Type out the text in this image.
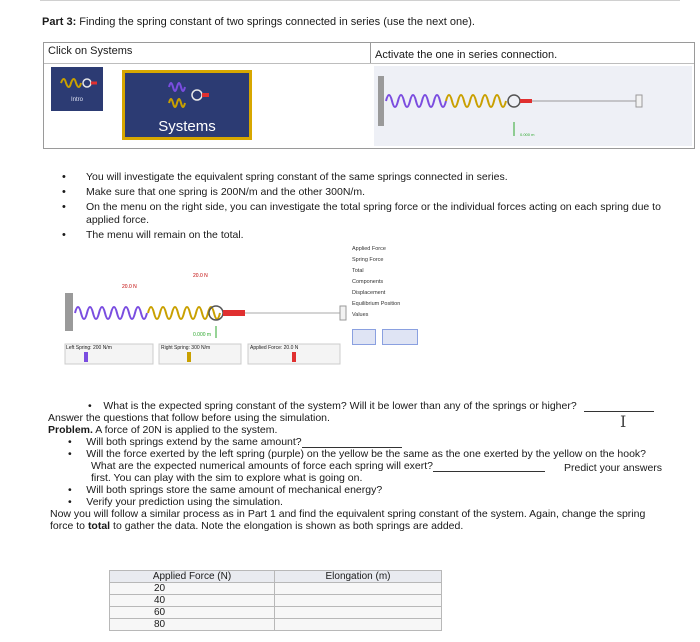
Part 3: Finding the spring constant of two springs connected in series (use the next one).
Click on Systems	Activate the one in series connection.
Intro
Systems	0.000 m
• You will investigate the equivalent spring constant of the same springs connected in series.
• Make sure that one spring is 200N/m and the other 300N/m.
• On the menu on the right side, you can investigate the total spring force or the individual forces acting on each spring due to applied force.
• The menu will remain on the total.
20.0 N
20.0 N
0.000 m
Left Spring: 200 N/m	Right Spring: 300 N/m	Applied Force: 20.0 N
Applied Force
Spring Force
Total
Components
Displacement
Equilibrium Position
Values
• What is the expected spring constant of the system? Will it be lower than any of the springs or higher?
Answer the questions that follow before using the simulation.
Problem. A force of 20N is applied to the system.	I
• Will both springs extend by the same amount?
• Will the force exerted by the left spring (purple) on the yellow be the same as the one exerted by the yellow on the hook?
What are the expected numerical amounts of force each spring will exert?	Predict your answers
first. You can play with the sim to explore what is going on.
• Will both springs store the same amount of mechanical energy?
• Verify your prediction using the simulation.
Now you will follow a similar process as in Part 1 and find the equivalent spring constant of the system. Again, change the spring
force to total to gather the data. Note the elongation is shown as both springs are added.
Applied Force (N)	Elongation (m)
20	
40	
60	
80	
